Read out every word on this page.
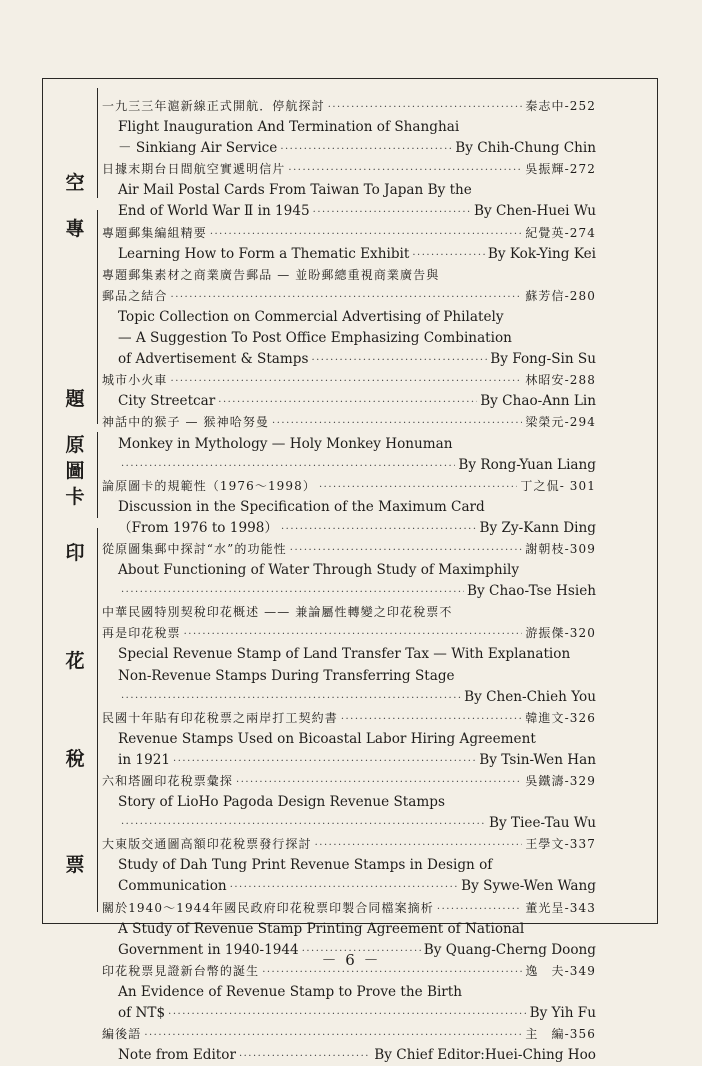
空
專
題
原
圖
卡
印
花
稅
票
一九三三年滬新線正式開航．停航探討 ·····	秦志中-252
Flight Inauguration And Termination of Shanghai
－ Sinkiang Air Service ·····	By Chih-Chung Chin
日據末期台日間航空實遞明信片 ·····	吳振輝-272
Air Mail Postal Cards From Taiwan To Japan By the
End of World War Ⅱ in 1945 ·····	By Chen-Huei Wu
專題郵集編組精要 ·····	紀覺英-274
Learning How to Form a Thematic Exhibit ·····	By Kok-Ying Kei
專題郵集素材之商業廣告郵品 — 並盼郵總重視商業廣告與
郵品之結合 ·····	蘇芳信-280
Topic Collection on Commercial Advertising of Philately
— A Suggestion To Post Office Emphasizing Combination
of Advertisement & Stamps ·····	By Fong-Sin Su
城市小火車 ·····	林昭安-288
City Streetcar ·····	By Chao-Ann Lin
神話中的猴子 — 猴神哈努曼 ·····	梁榮元-294
Monkey in Mythology — Holy Monkey Honuman
·····
By Rong-Yuan Liang
論原圖卡的規範性（1976～1998） ·····	丁之侃- 301
Discussion in the Specification of the Maximum Card
（From 1976 to 1998） ·····	By Zy-Kann Ding
從原圖集郵中探討“水”的功能性 ·····	謝朝枝-309
About Functioning of Water Through Study of Maximphily
·····
By Chao-Tse Hsieh
中華民國特別契稅印花概述 —— 兼論屬性轉變之印花稅票不
再是印花稅票 ·····	游振傑-320
Special Revenue Stamp of Land Transfer Tax — With Explanation
Non-Revenue Stamps During Transferring Stage
·····
By Chen-Chieh You
民國十年貼有印花稅票之兩岸打工契約書 ·····	韓進文-326
Revenue Stamps Used on Bicoastal Labor Hiring Agreement
in 1921 ·····	By Tsin-Wen Han
六和塔圖印花稅票彙探 ·····	吳鐵濤-329
Story of LioHo Pagoda Design Revenue Stamps
·····
By Tiee-Tau Wu
大東版交通圖高額印花稅票發行探討 ·····	王學文-337
Study of Dah Tung Print Revenue Stamps in Design of
Communication ·····	By Sywe-Wen Wang
關於1940～1944年國民政府印花稅票印製合同檔案摘析 ·····	董光呈-343
A Study of Revenue Stamp Printing Agreement of National
Government in 1940-1944 ·····	By Quang-Cherng Doong
印花稅票見證新台幣的誕生 ·····	逸　夫-349
An Evidence of Revenue Stamp to Prove the Birth
of NT$ ·····	By Yih Fu
編後語 ·····	主　編-356
Note from Editor ·····	By Chief Editor:Huei-Ching Hoo
－ 6 －
